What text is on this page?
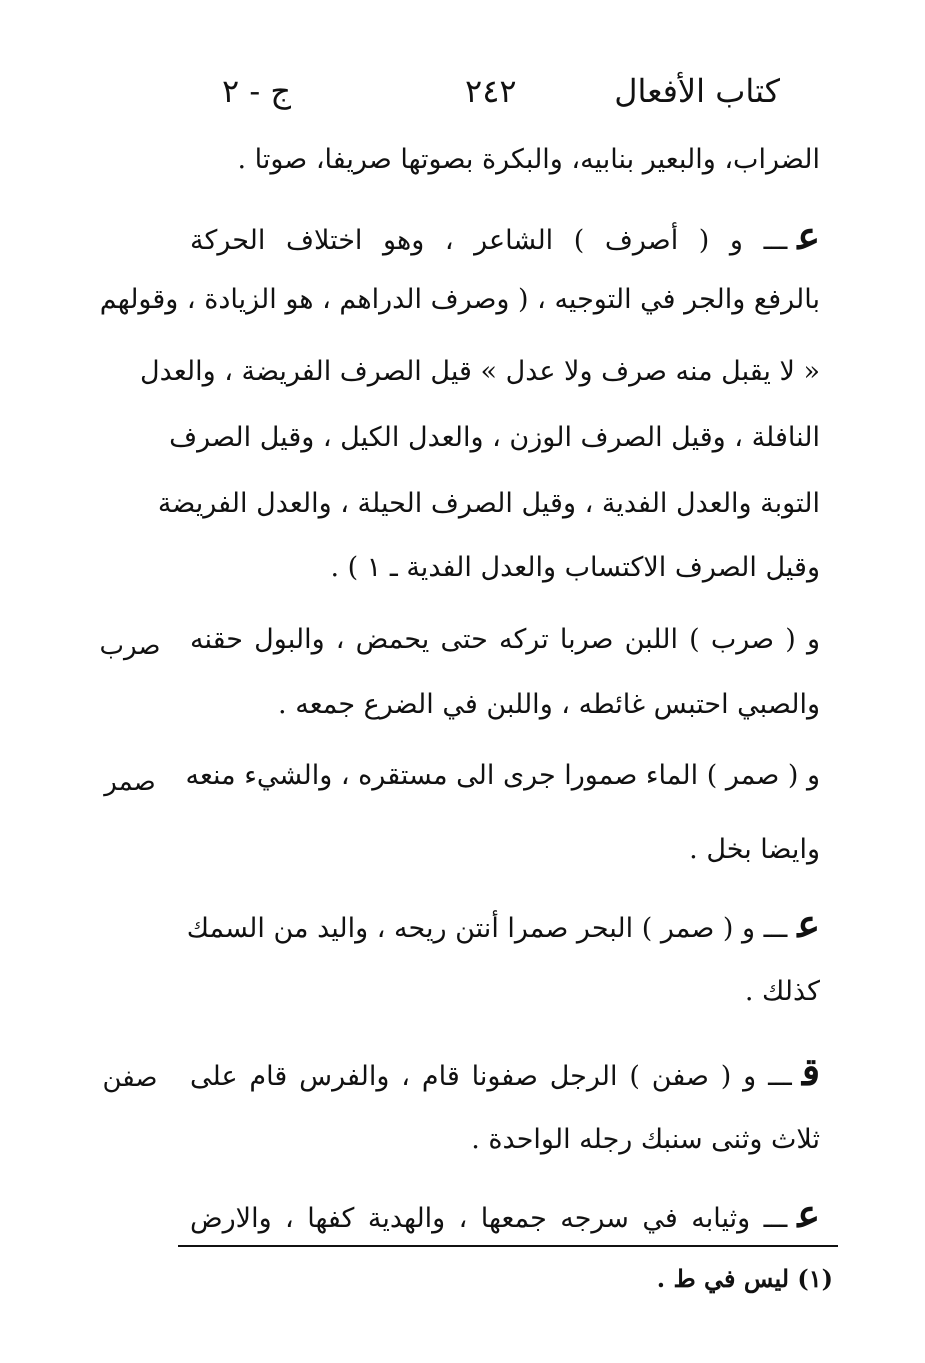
كتاب الأفعال
٢٤٢
ج - ٢
الضراب، والبعير بنابيه، والبكرة بصوتها صريفا، صوتا .
عـــ و ( أصرف ) الشاعر ، وهو اختلاف الحركة
بالرفع والجر في التوجيه ، ( وصرف الدراهم ، هو الزيادة ، وقولهم
« لا يقبل منه صرف ولا عدل » قيل الصرف الفريضة ، والعدل
النافلة ، وقيل الصرف الوزن ، والعدل الكيل ، وقيل الصرف
التوبة والعدل الفدية ، وقيل الصرف الحيلة ، والعدل الفريضة
وقيل الصرف الاكتساب والعدل الفدية ـ ١ ) .
و ( صرب ) اللبن صربا تركه حتى يحمض ، والبول حقنه
صرب
والصبي احتبس غائطه ، واللبن في الضرع جمعه .
و ( صمر ) الماء صمورا جرى الى مستقره ، والشيء منعه
صمر
وايضا بخل .
عـــ و ( صمر ) البحر صمرا أنتن ريحه ، واليد من السمك
كذلك .
قـــ و ( صفن ) الرجل صفونا قام ، والفرس قام على
صفن
ثلاث وثنى سنبك رجله الواحدة .
عـــ وثيابه في سرجه جمعها ، والهدية كفها ، والارض
(١) ليس في ط .
